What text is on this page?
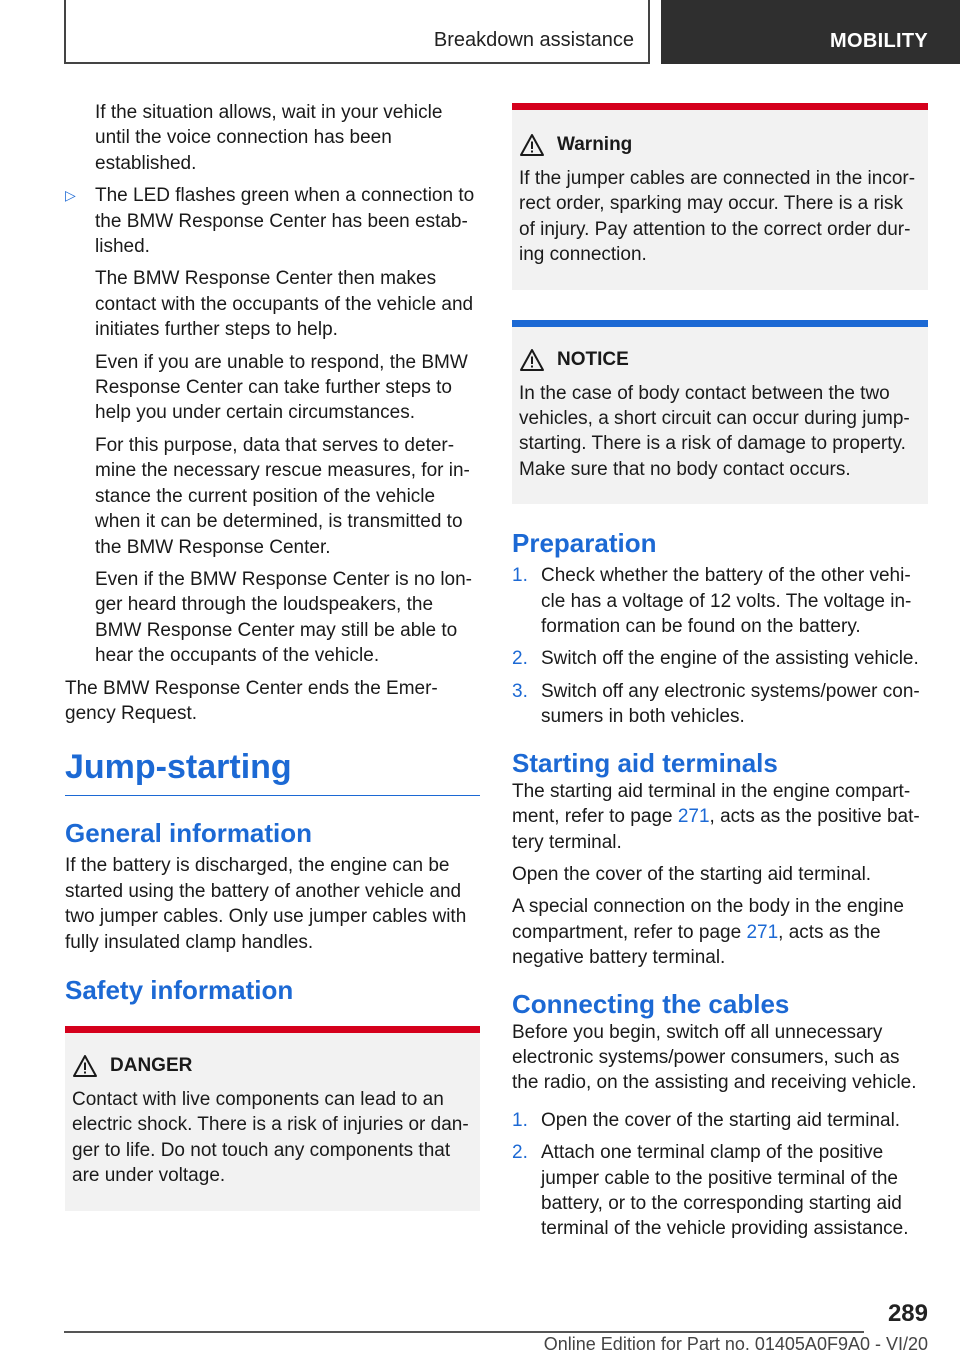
Breakdown assistance	MOBILITY

If the situation allows, wait in your vehicle until the voice connection has been established.

▷ The LED flashes green when a connection to the BMW Response Center has been estab-lished.

The BMW Response Center then makes contact with the occupants of the vehicle and initiates further steps to help.

Even if you are unable to respond, the BMW Response Center can take further steps to help you under certain circumstances.

For this purpose, data that serves to deter-mine the necessary rescue measures, for in-stance the current position of the vehicle when it can be determined, is transmitted to the BMW Response Center.

Even if the BMW Response Center is no lon-ger heard through the loudspeakers, the BMW Response Center may still be able to hear the occupants of the vehicle.

The BMW Response Center ends the Emer-gency Request.

Jump-starting
General information

If the battery is discharged, the engine can be started using the battery of another vehicle and two jumper cables. Only use jumper cables with fully insulated clamp handles.

Safety information
DANGER

Contact with live components can lead to an electric shock. There is a risk of injuries or dan-ger to life. Do not touch any components that are under voltage.

Warning

If the jumper cables are connected in the incor-rect order, sparking may occur. There is a risk of injury. Pay attention to the correct order dur-ing connection.

NOTICE

In the case of body contact between the two vehicles, a short circuit can occur during jump-starting. There is a risk of damage to property. Make sure that no body contact occurs.

Preparation
1. Check whether the battery of the other vehi-cle has a voltage of 12 volts. The voltage in-formation can be found on the battery.
2. Switch off the engine of the assisting vehicle.
3. Switch off any electronic systems/power con-sumers in both vehicles.
Starting aid terminals

The starting aid terminal in the engine compart-ment, refer to page 271, acts as the positive bat-tery terminal.

Open the cover of the starting aid terminal.

A special connection on the body in the engine compartment, refer to page 271, acts as the negative battery terminal.

Connecting the cables

Before you begin, switch off all unnecessary electronic systems/power consumers, such as the radio, on the assisting and receiving vehicle.

1. Open the cover of the starting aid terminal.
2. Attach one terminal clamp of the positive jumper cable to the positive terminal of the battery, or to the corresponding starting aid terminal of the vehicle providing assistance.
289
Online Edition for Part no. 01405A0F9A0 - VI/20
